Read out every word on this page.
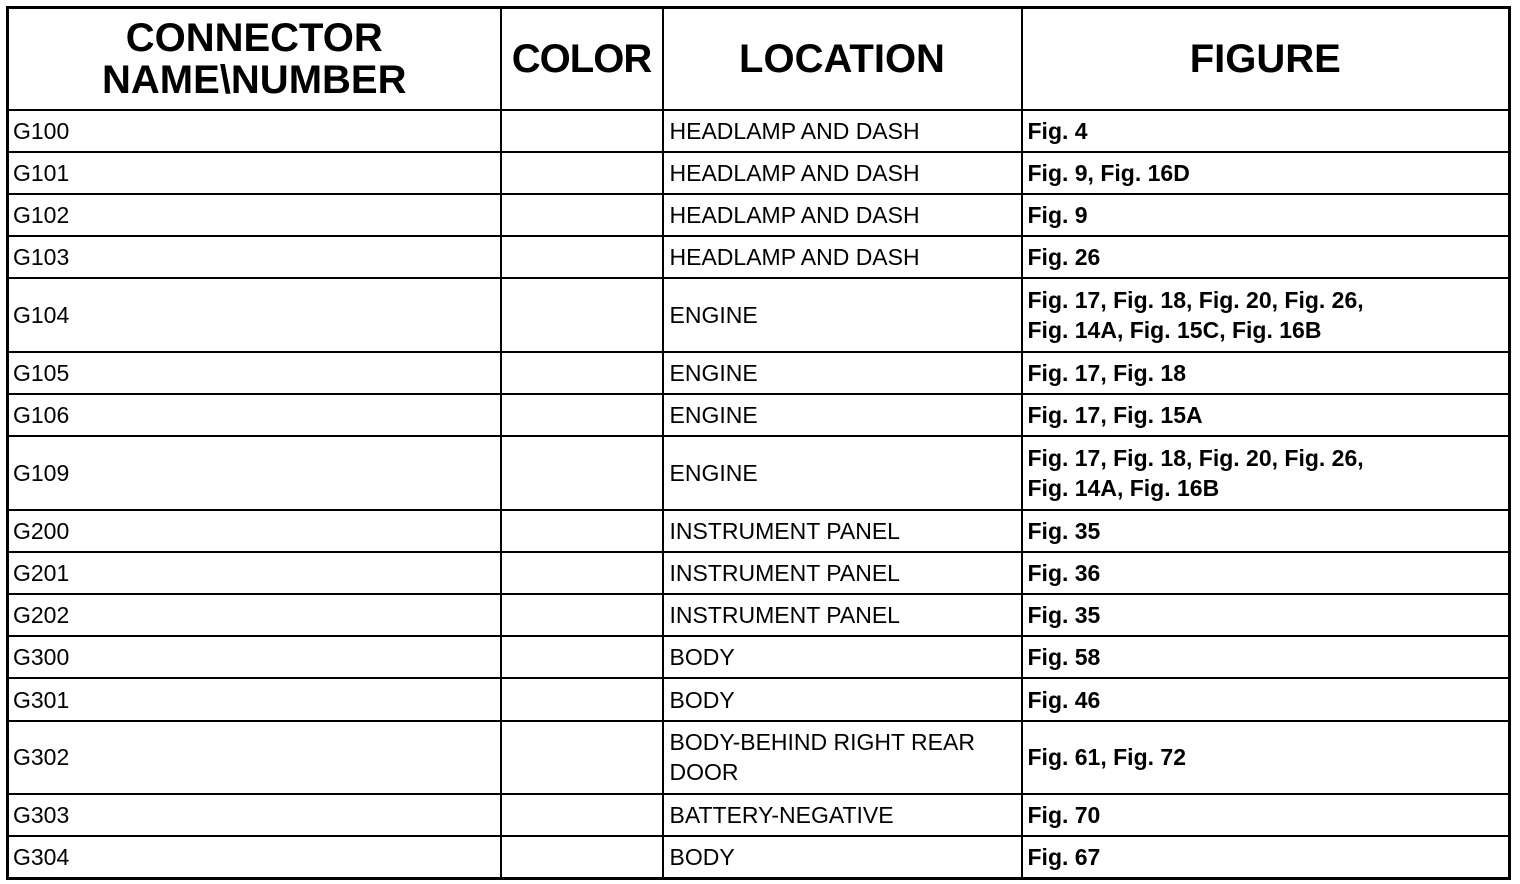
CONNECTOR
NAME\NUMBER	COLOR	LOCATION	FIGURE
G100		HEADLAMP AND DASH	Fig. 4

G101		HEADLAMP AND DASH	Fig. 9, Fig. 16D

G102		HEADLAMP AND DASH	Fig. 9

G103		HEADLAMP AND DASH	Fig. 26

G104		ENGINE	Fig. 17, Fig. 18, Fig. 20, Fig. 26,
Fig. 14A, Fig. 15C, Fig. 16B

G105		ENGINE	Fig. 17, Fig. 18

G106		ENGINE	Fig. 17, Fig. 15A

G109		ENGINE	Fig. 17, Fig. 18, Fig. 20, Fig. 26,
Fig. 14A, Fig. 16B

G200		INSTRUMENT PANEL	Fig. 35

G201		INSTRUMENT PANEL	Fig. 36

G202		INSTRUMENT PANEL	Fig. 35

G300		BODY	Fig. 58

G301		BODY	Fig. 46

G302		BODY-BEHIND RIGHT REAR
DOOR	Fig. 61, Fig. 72

G303		BATTERY-NEGATIVE	Fig. 70

G304		BODY	Fig. 67
